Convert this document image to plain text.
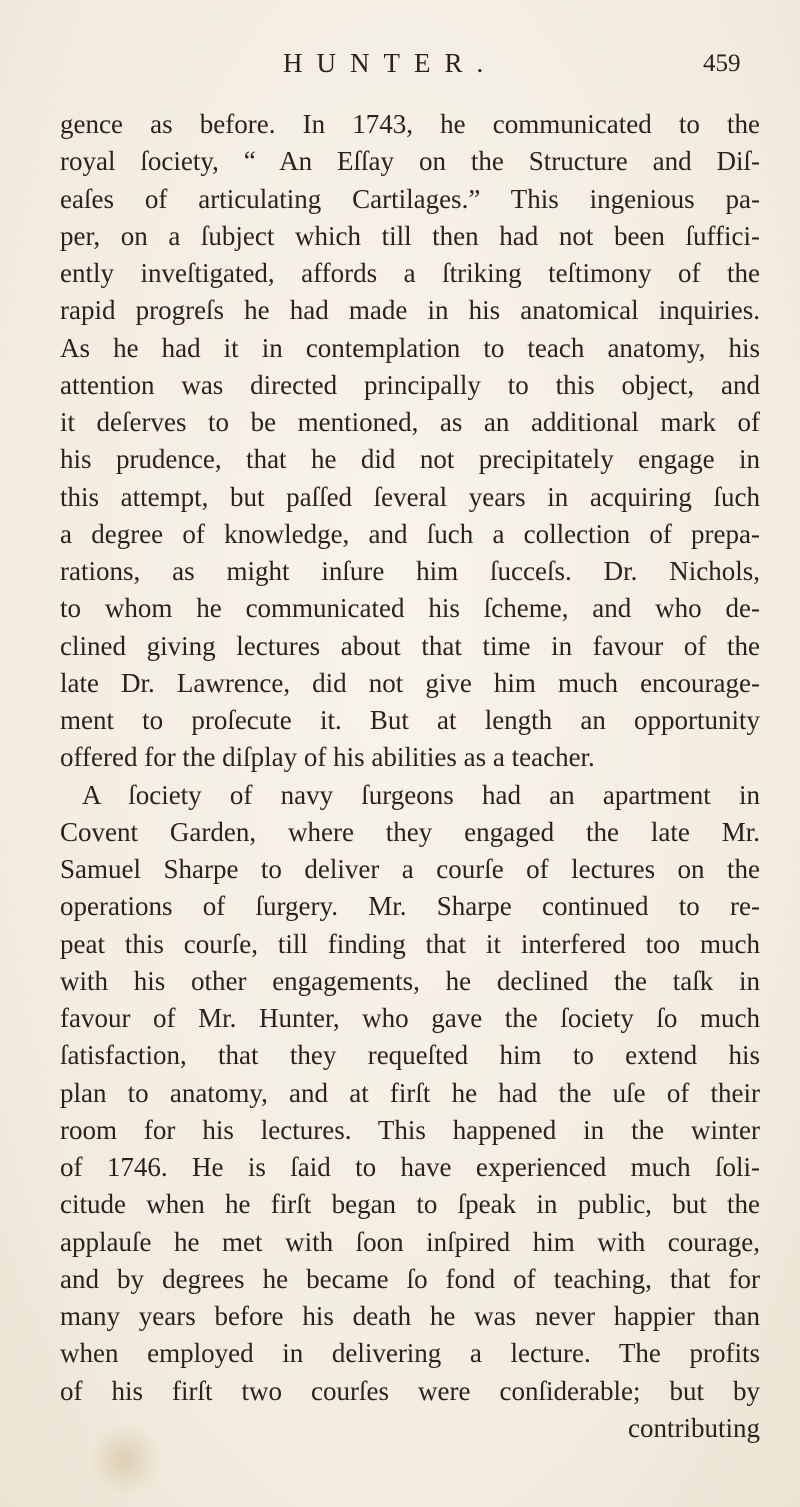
HUNTER.	459
gence as before. In 1743, he communicated to the
royal ſociety, “ An Eſſay on the Structure and Diſ-
eaſes of articulating Cartilages.” This ingenious pa-
per, on a ſubject which till then had not been ſuffici-
ently inveſtigated, affords a ſtriking teſtimony of the
rapid progreſs he had made in his anatomical inquiries.
As he had it in contemplation to teach anatomy, his
attention was directed principally to this object, and
it deſerves to be mentioned, as an additional mark of
his prudence, that he did not precipitately engage in
this attempt, but paſſed ſeveral years in acquiring ſuch
a degree of knowledge, and ſuch a collection of prepa-
rations, as might inſure him ſucceſs. Dr. Nichols,
to whom he communicated his ſcheme, and who de-
clined giving lectures about that time in favour of the
late Dr. Lawrence, did not give him much encourage-
ment to proſecute it. But at length an opportunity
offered for the diſplay of his abilities as a teacher.
A ſociety of navy ſurgeons had an apartment in
Covent Garden, where they engaged the late Mr.
Samuel Sharpe to deliver a courſe of lectures on the
operations of ſurgery. Mr. Sharpe continued to re-
peat this courſe, till finding that it interfered too much
with his other engagements, he declined the taſk in
favour of Mr. Hunter, who gave the ſociety ſo much
ſatisfaction, that they requeſted him to extend his
plan to anatomy, and at firſt he had the uſe of their
room for his lectures. This happened in the winter
of 1746. He is ſaid to have experienced much ſoli-
citude when he firſt began to ſpeak in public, but the
applauſe he met with ſoon inſpired him with courage,
and by degrees he became ſo fond of teaching, that for
many years before his death he was never happier than
when employed in delivering a lecture. The profits
of his firſt two courſes were conſiderable; but by
contributing
